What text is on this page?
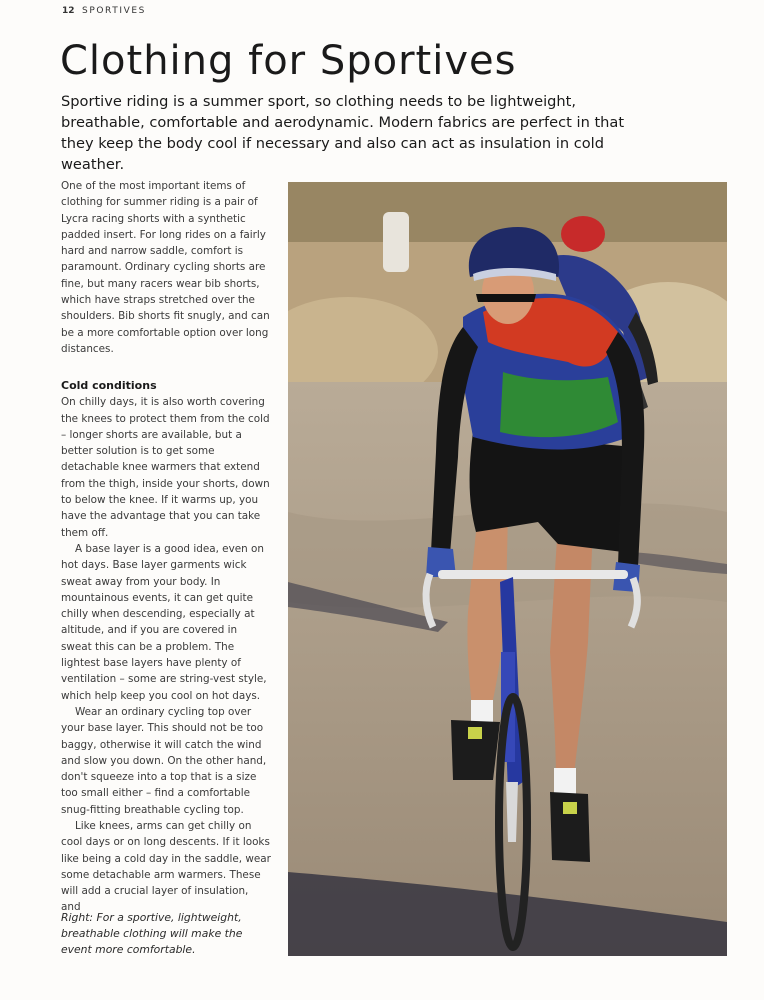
12 SPORTIVES
Clothing for Sportives

Sportive riding is a summer sport, so clothing needs to be lightweight, breathable, comfortable and aerodynamic. Modern fabrics are perfect in that they keep the body cool if necessary and also can act as insulation in cold weather.

One of the most important items of clothing for summer riding is a pair of Lycra racing shorts with a synthetic padded insert. For long rides on a fairly hard and narrow saddle, comfort is paramount. Ordinary cycling shorts are fine, but many racers wear bib shorts, which have straps stretched over the shoulders. Bib shorts fit snugly, and can be a more comfortable option over long distances.

Cold conditions

On chilly days, it is also worth covering the knees to protect them from the cold – longer shorts are available, but a better solution is to get some detachable knee warmers that extend from the thigh, inside your shorts, down to below the knee. If it warms up, you have the advantage that you can take them off.

A base layer is a good idea, even on hot days. Base layer garments wick sweat away from your body. In mountainous events, it can get quite chilly when descending, especially at altitude, and if you are covered in sweat this can be a problem. The lightest base layers have plenty of ventilation – some are string-vest style, which help keep you cool on hot days.

Wear an ordinary cycling top over your base layer. This should not be too baggy, otherwise it will catch the wind and slow you down. On the other hand, don't squeeze into a top that is a size too small either – find a comfortable snug-fitting breathable cycling top.

Like knees, arms can get chilly on cool days or on long descents. If it looks like being a cold day in the saddle, wear some detachable arm warmers. These will add a crucial layer of insulation, and

Right: For a sportive, lightweight, breathable clothing will make the event more comfortable.
